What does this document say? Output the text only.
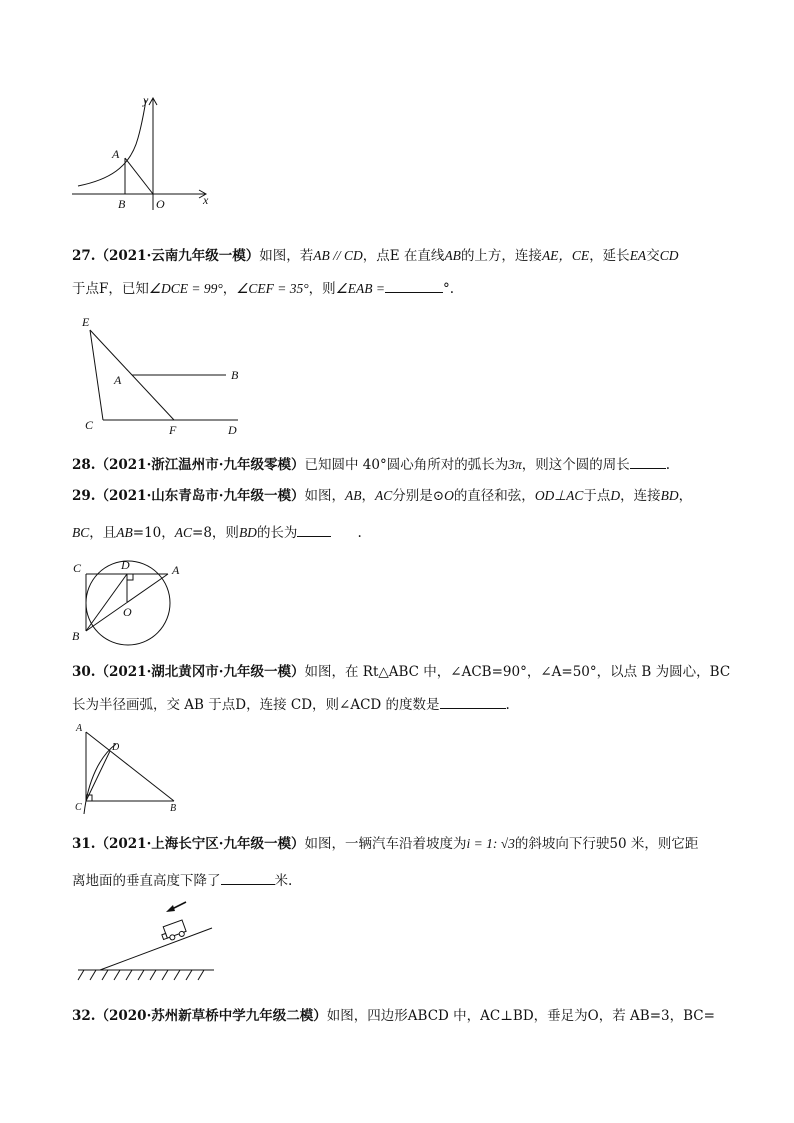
y
A
B	O	x
27.（2021·云南九年级一模）如图，若AB // CD，点E 在直线AB的上方，连接AE，CE，延长EA交CD
于点F，已知∠DCE = 99°，∠CEF = 35°，则∠EAB =	°.
E
A	B
C	F	D
28.（2021·浙江温州市·九年级零模）已知圆中 40°圆心角所对的弧长为3π，则这个圆的周长	.
29.（2021·山东青岛市·九年级一模）如图，AB，AC分别是⊙O的直径和弦，OD⊥AC于点D，连接BD，
BC，且AB=10，AC=8，则BD的长为	.
C	D	A
O
B
30.（2021·湖北黄冈市·九年级一模）如图，在 Rt△ABC 中，∠ACB=90°，∠A=50°，以点 B 为圆心，BC
长为半径画弧，交 AB 于点D，连接 CD，则∠ACD 的度数是	.
A
D
C	B
31.（2021·上海长宁区·九年级一模）如图，一辆汽车沿着坡度为i = 1: √3的斜坡向下行驶50 米，则它距
离地面的垂直高度下降了	米.
32.（2020·苏州新草桥中学九年级二模）如图，四边形ABCD 中，AC⊥BD，垂足为O，若 AB=3，BC=
